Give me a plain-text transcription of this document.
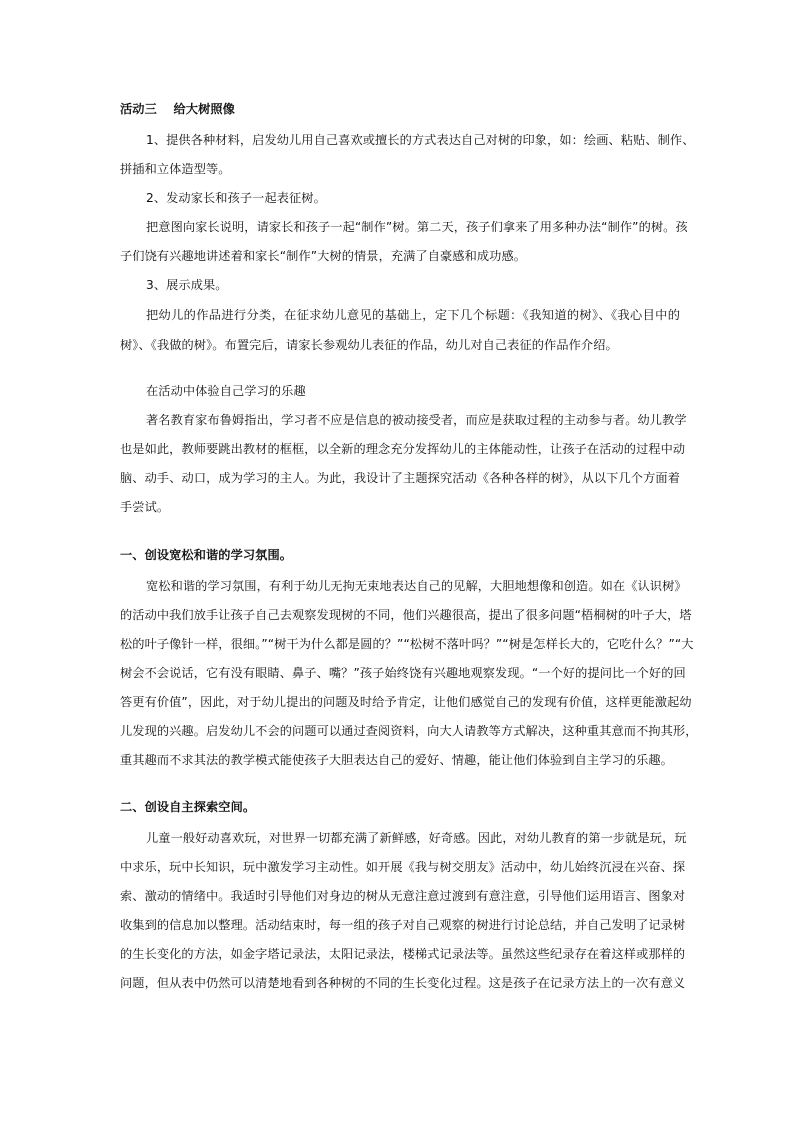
活动三　 给大树照像
1、提供各种材料，启发幼儿用自己喜欢或擅长的方式表达自己对树的印象，如：绘画、粘贴、制作、
拼插和立体造型等。
2、发动家长和孩子一起表征树。
把意图向家长说明，请家长和孩子一起“制作”树。第二天，孩子们拿来了用多种办法“制作”的树。孩
子们饶有兴趣地讲述着和家长“制作”大树的情景，充满了自豪感和成功感。
3、展示成果。
把幼儿的作品进行分类，在征求幼儿意见的基础上，定下几个标题：《我知道的树》、《我心目中的
树》、《我做的树》。布置完后，请家长参观幼儿表征的作品，幼儿对自己表征的作品作介绍。
在活动中体验自己学习的乐趣
著名教育家布鲁姆指出，学习者不应是信息的被动接受者，而应是获取过程的主动参与者。幼儿教学
也是如此，教师要跳出教材的框框，以全新的理念充分发挥幼儿的主体能动性，让孩子在活动的过程中动
脑、动手、动口，成为学习的主人。为此，我设计了主题探究活动《各种各样的树》，从以下几个方面着
手尝试。
一、创设宽松和谐的学习氛围。
宽松和谐的学习氛围，有利于幼儿无拘无束地表达自己的见解，大胆地想像和创造。如在《认识树》
的活动中我们放手让孩子自己去观察发现树的不同，他们兴趣很高，提出了很多问题“梧桐树的叶子大，塔
松的叶子像针一样，很细。”“树干为什么都是圆的？”“松树不落叶吗？”“树是怎样长大的，它吃什么？”“大
树会不会说话，它有没有眼睛、鼻子、嘴？”孩子始终饶有兴趣地观察发现。“一个好的提问比一个好的回
答更有价值”，因此，对于幼儿提出的问题及时给予肯定，让他们感觉自己的发现有价值，这样更能激起幼
儿发现的兴趣。启发幼儿不会的问题可以通过查阅资料，向大人请教等方式解决，这种重其意而不拘其形，
重其趣而不求其法的教学模式能使孩子大胆表达自己的爱好、情趣，能让他们体验到自主学习的乐趣。
二、创设自主探索空间。
儿童一般好动喜欢玩，对世界一切都充满了新鲜感，好奇感。因此，对幼儿教育的第一步就是玩，玩
中求乐，玩中长知识，玩中激发学习主动性。如开展《我与树交朋友》活动中，幼儿始终沉浸在兴奋、探
索、激动的情绪中。我适时引导他们对身边的树从无意注意过渡到有意注意，引导他们运用语言、图象对
收集到的信息加以整理。活动结束时，每一组的孩子对自己观察的树进行讨论总结，并自己发明了记录树
的生长变化的方法，如金字塔记录法，太阳记录法，楼梯式记录法等。虽然这些纪录存在着这样或那样的
问题，但从表中仍然可以清楚地看到各种树的不同的生长变化过程。这是孩子在记录方法上的一次有意义
